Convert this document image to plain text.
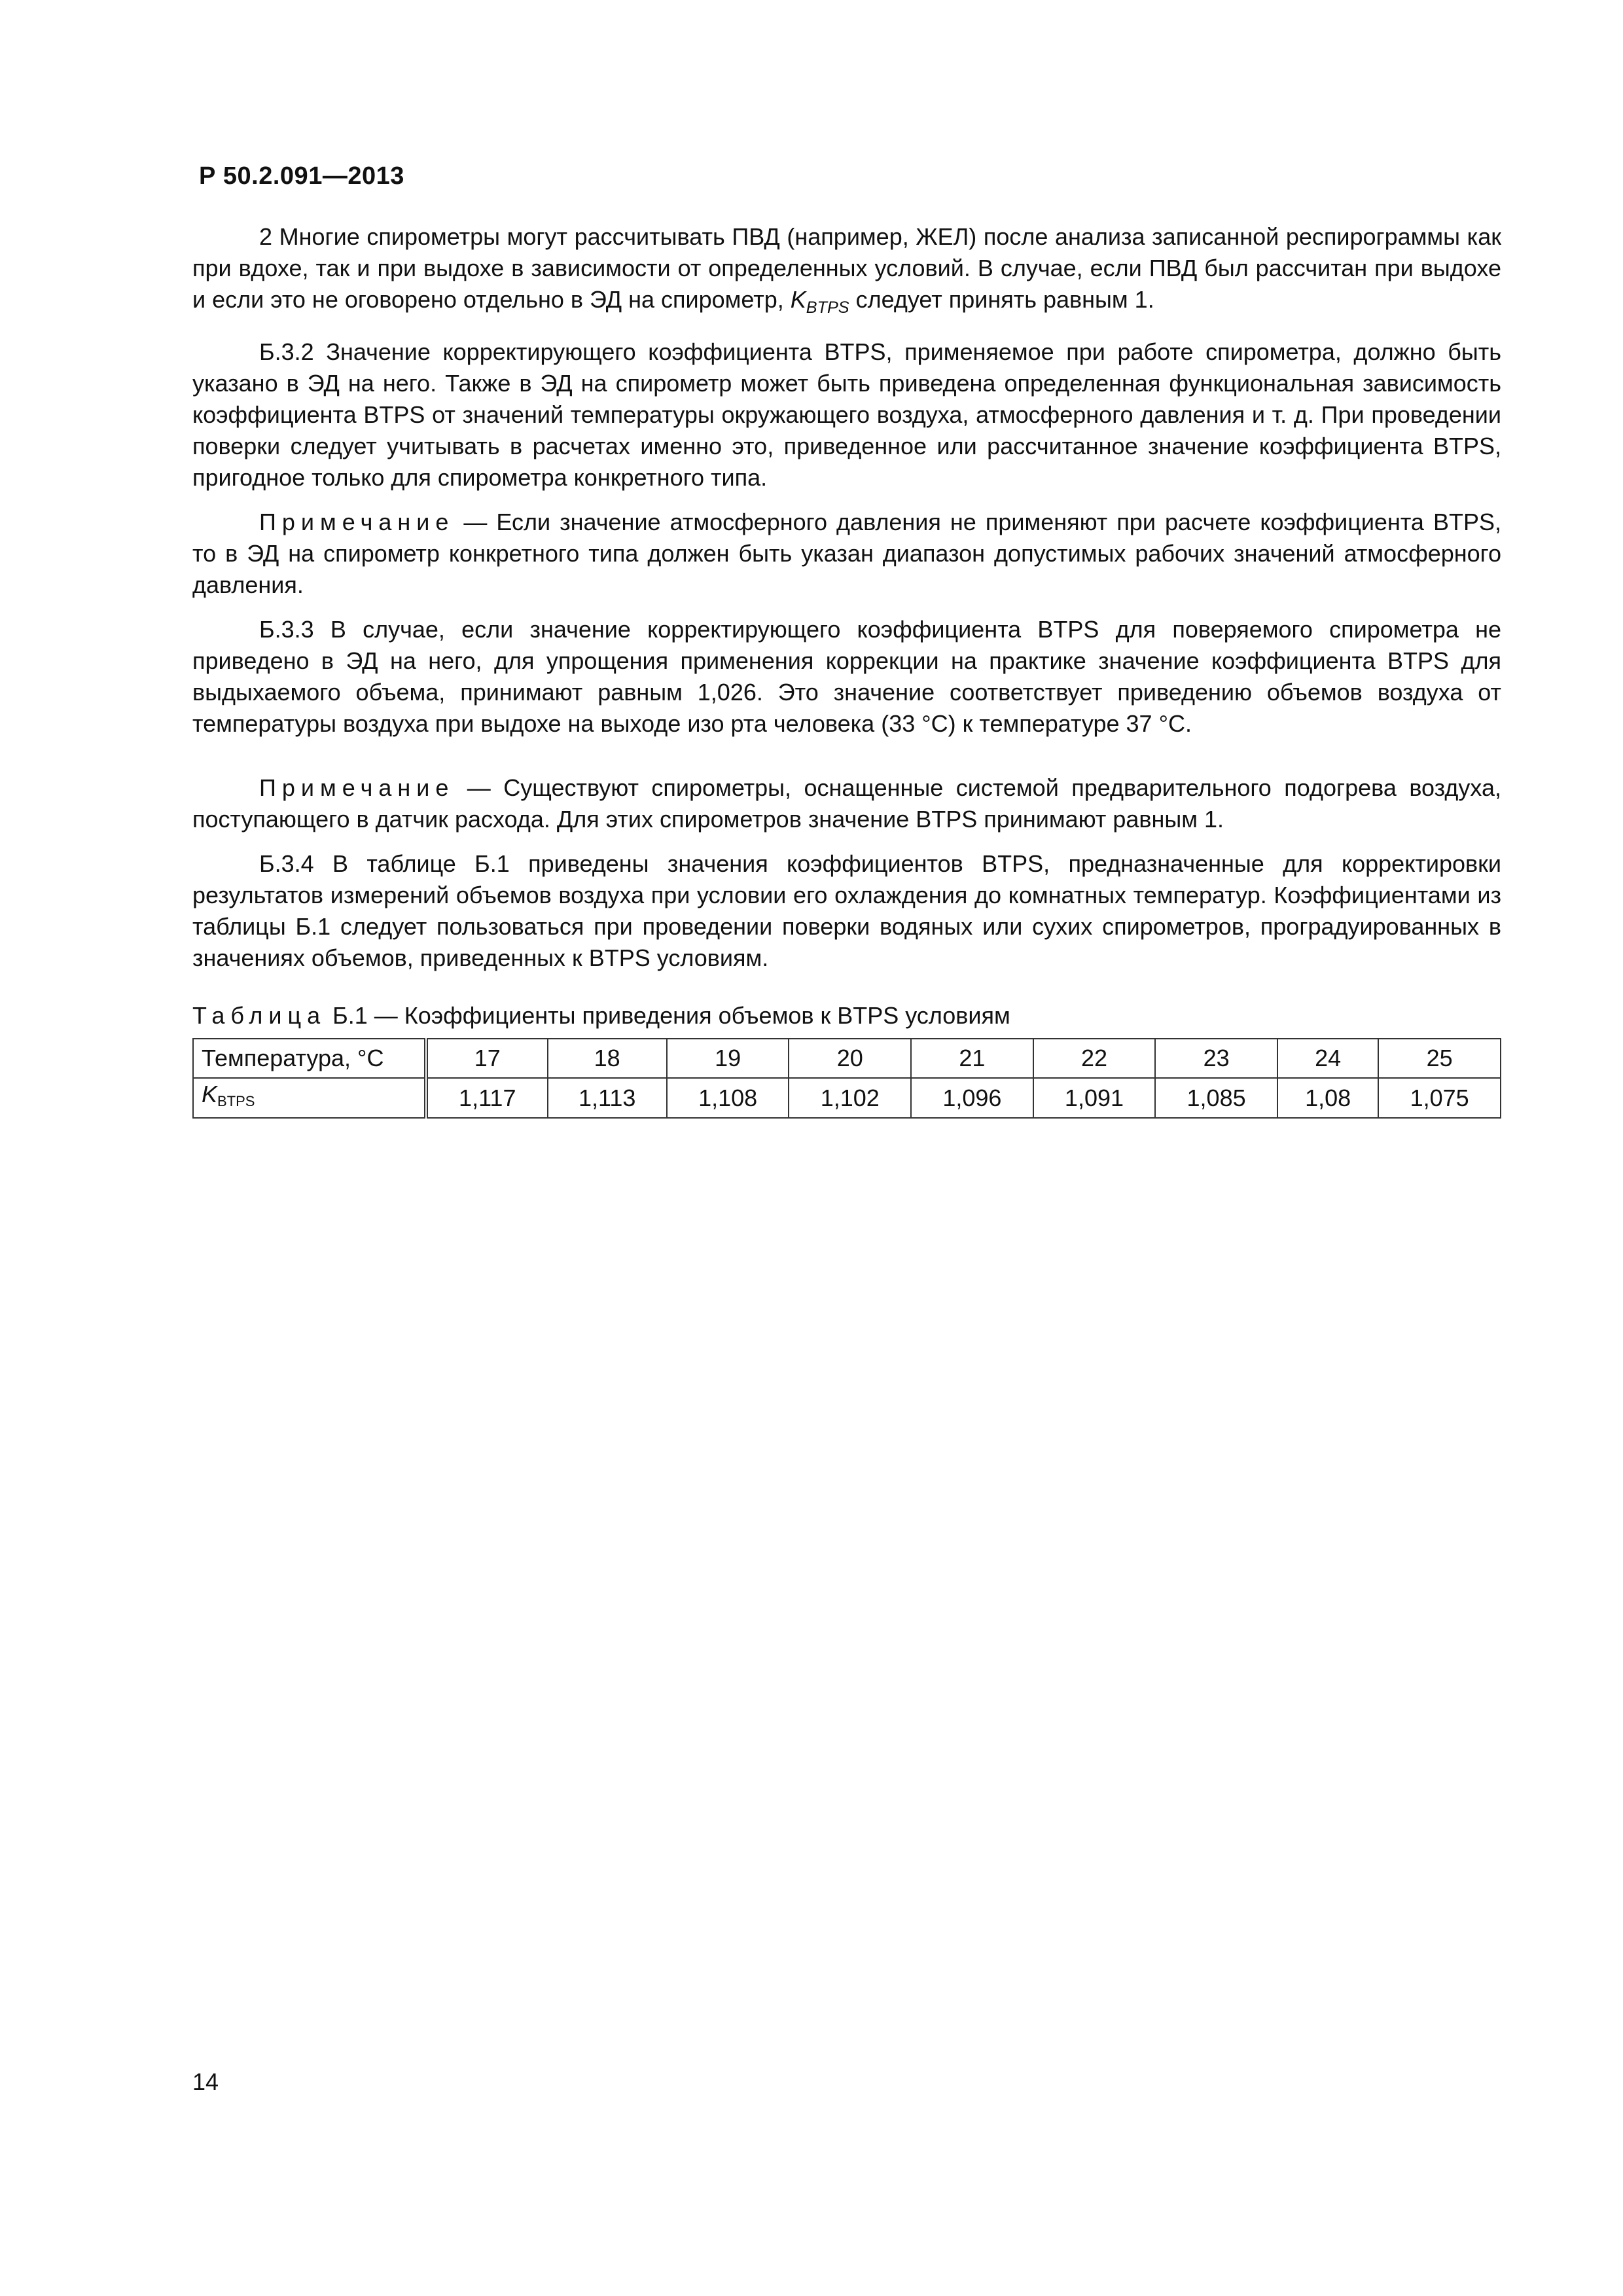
Р 50.2.091—2013

2 Многие спирометры могут рассчитывать ПВД (например, ЖЕЛ) после анализа записанной респирограммы как при вдохе, так и при выдохе в зависимости от определенных условий. В случае, если ПВД был рассчитан при выдохе и если это не оговорено отдельно в ЭД на спирометр, $K_{BTPS}$ следует принять равным 1.

Б.3.2 Значение корректирующего коэффициента BTPS, применяемое при работе спирометра, должно быть указано в ЭД на него. Также в ЭД на спирометр может быть приведена определенная функциональная зависимость коэффициента BTPS от значений температуры окружающего воздуха, атмосферного давления и т. д. При проведении поверки следует учитывать в расчетах именно это, приведенное или рассчитанное значение коэффициента BTPS, пригодное только для спирометра конкретного типа.

Примечание — Если значение атмосферного давления не применяют при расчете коэффициента BTPS, то в ЭД на спирометр конкретного типа должен быть указан диапазон допустимых рабочих значений атмосферного давления.

Б.3.3 В случае, если значение корректирующего коэффициента BTPS для поверяемого спирометра не приведено в ЭД на него, для упрощения применения коррекции на практике значение коэффициента BTPS для выдыхаемого объема, принимают равным 1,026. Это значение соответствует приведению объемов воздуха от температуры воздуха при выдохе на выходе изо рта человека (33 °С) к температуре 37 °С.

Примечание — Существуют спирометры, оснащенные системой предварительного подогрева воздуха, поступающего в датчик расхода. Для этих спирометров значение BTPS принимают равным 1.

Б.3.4 В таблице Б.1 приведены значения коэффициентов BTPS, предназначенные для корректировки результатов измерений объемов воздуха при условии его охлаждения до комнатных температур. Коэффициентами из таблицы Б.1 следует пользоваться при проведении поверки водяных или сухих спирометров, проградуированных в значениях объемов, приведенных к BTPS условиям.

Таблица Б.1 — Коэффициенты приведения объемов к BTPS условиям
Температура, °С	17	18	19	20	21	22	23	24	25
KBTPS	1,117	1,113	1,108	1,102	1,096	1,091	1,085	1,08	1,075
14
